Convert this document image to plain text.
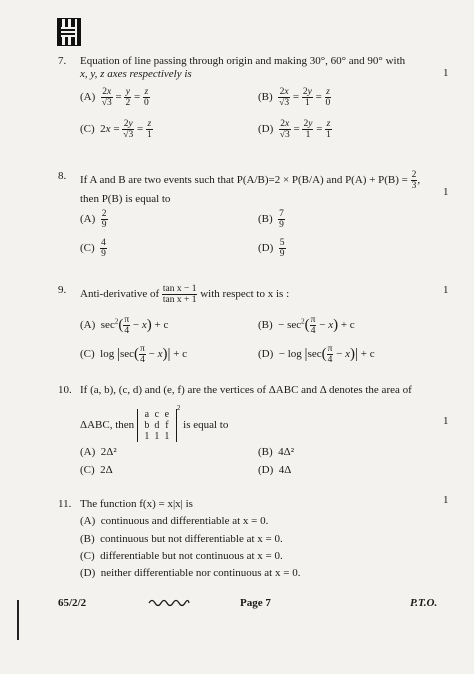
7. Equation of line passing through origin and making 30°, 60° and 90° with
x, y, z axes respectively is	1
$(A) \frac{2x}{√3} = \frac{y}{2} = \frac{z}{0}$	$(B) \frac{2x}{√3} = \frac{2y}{1} = \frac{z}{0}$
(C)  $2x = \frac{2y}{√3} = \frac{z}{1}$	$(D) \frac{2x}{√3} = \frac{2y}{1} = \frac{z}{1}$
8. If A and B are two events such that P(A/B)=2 × P(B/A) and $P(A) + P(B) = \frac{2}{3}$ ,
then P(B) is equal to
1
$(A) \frac{2}{9}$	$(B) \frac{7}{9}$
$(C) \frac{4}{9}$	$(D) \frac{5}{9}$
9. Anti-derivative of $\frac{\text{tan x − 1}}{\text{tan x + 1}}$ with respect to x is :	1
(A)  $\sec^2( \frac{\pi}{4} - x) + c$	$(B) - \sec^2( \frac{\pi}{4} - x) + c$
(C)  $\log |\sec( \frac{\pi}{4} - x)| + c$	$(D) - \log |\sec( \frac{\pi}{4} - x)| + c$
10. If (a, b), (c, d) and (e, f) are the vertices of ΔABC and Δ denotes the area of
ΔABC, then a c e
b d f
1 1 $1^2$ is equal to	1
(A) 2Δ²	(B) 4Δ²
(C) 2Δ	(D) 4Δ
11. The function f(x) = x|x| is	1
(A) continuous and differentiable at x = 0.
(B) continuous but not differentiable at x = 0.
(C) differentiable but not continuous at x = 0.
(D) neither differentiable nor continuous at x = 0.
65/2/2	Page 7	P.T.O.
